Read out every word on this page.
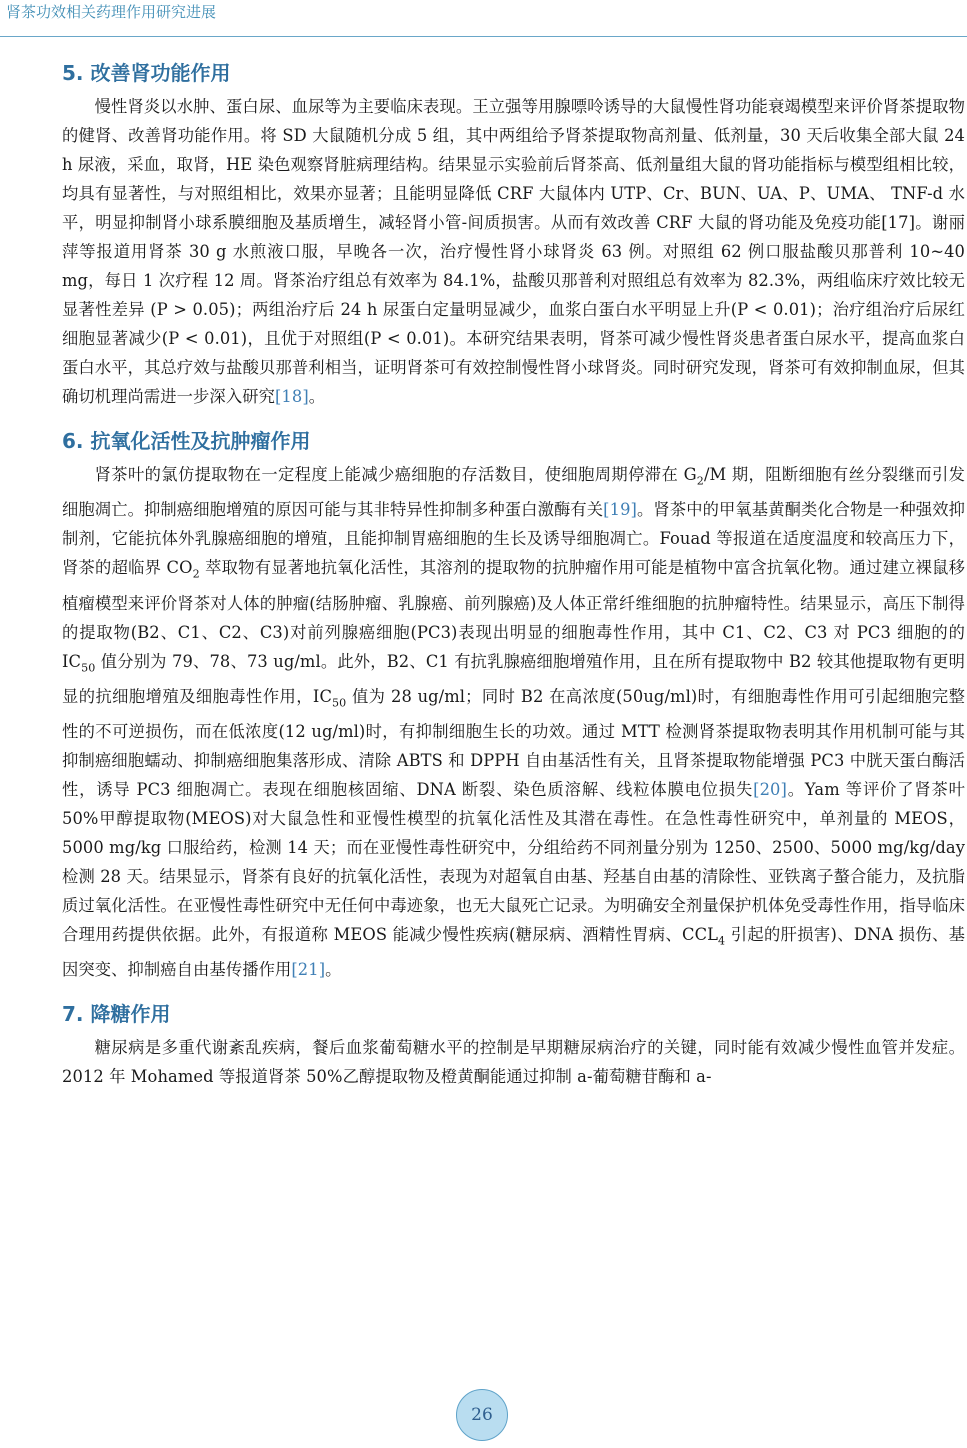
肾茶功效相关药理作用研究进展
5. 改善肾功能作用

慢性肾炎以水肿、蛋白尿、血尿等为主要临床表现。王立强等用腺嘌呤诱导的大鼠慢性肾功能衰竭模型来评价肾茶提取物的健肾、改善肾功能作用。将 SD 大鼠随机分成 5 组，其中两组给予肾茶提取物高剂量、低剂量，30 天后收集全部大鼠 24 h 尿液，采血，取肾，HE 染色观察肾脏病理结构。结果显示实验前后肾茶高、低剂量组大鼠的肾功能指标与模型组相比较，均具有显著性，与对照组相比，效果亦显著；且能明显降低 CRF 大鼠体内 UTP、Cr、BUN、UA、P、UMA、 TNF-d 水平，明显抑制肾小球系膜细胞及基质增生，减轻肾小管-间质损害。从而有效改善 CRF 大鼠的肾功能及免疫功能[17]。谢丽萍等报道用肾茶 30 g 水煎液口服，早晚各一次，治疗慢性肾小球肾炎 63 例。对照组 62 例口服盐酸贝那普利 10~40 mg，每日 1 次疗程 12 周。肾茶治疗组总有效率为 84.1%，盐酸贝那普利对照组总有效率为 82.3%，两组临床疗效比较无显著性差异 (P > 0.05)；两组治疗后 24 h 尿蛋白定量明显减少，血浆白蛋白水平明显上升(P < 0.01)；治疗组治疗后尿红细胞显著减少(P < 0.01)，且优于对照组(P < 0.01)。本研究结果表明，肾茶可减少慢性肾炎患者蛋白尿水平，提高血浆白蛋白水平，其总疗效与盐酸贝那普利相当，证明肾茶可有效控制慢性肾小球肾炎。同时研究发现，肾茶可有效抑制血尿，但其确切机理尚需进一步深入研究[18]。

6. 抗氧化活性及抗肿瘤作用

肾茶叶的氯仿提取物在一定程度上能减少癌细胞的存活数目，使细胞周期停滞在 $G_2/M$ 期，阻断细胞有丝分裂继而引发细胞凋亡。抑制癌细胞增殖的原因可能与其非特异性抑制多种蛋白激酶有关[19]。肾茶中的甲氧基黄酮类化合物是一种强效抑制剂，它能抗体外乳腺癌细胞的增殖，且能抑制胃癌细胞的生长及诱导细胞凋亡。Fouad 等报道在适度温度和较高压力下，肾茶的超临界 $CO_2$ 萃取物有显著地抗氧化活性，其溶剂的提取物的抗肿瘤作用可能是植物中富含抗氧化物。通过建立裸鼠移植瘤模型来评价肾茶对人体的肿瘤(结肠肿瘤、乳腺癌、前列腺癌)及人体正常纤维细胞的抗肿瘤特性。结果显示，高压下制得的提取物(B2、C1、C2、C3)对前列腺癌细胞(PC3)表现出明显的细胞毒性作用，其中 C1、C2、C3 对 PC3 细胞的的 $IC_{50}$ 值分别为 79、78、73 ug/ml。此外，B2、C1 有抗乳腺癌细胞增殖作用，且在所有提取物中 B2 较其他提取物有更明显的抗细胞增殖及细胞毒性作用，$IC_{50}$ 值为 28 ug/ml；同时 B2 在高浓度(50ug/ml)时，有细胞毒性作用可引起细胞完整性的不可逆损伤，而在低浓度(12 ug/ml)时，有抑制细胞生长的功效。通过 MTT 检测肾茶提取物表明其作用机制可能与其抑制癌细胞蠕动、抑制癌细胞集落形成、清除 ABTS 和 DPPH 自由基活性有关，且肾茶提取物能增强 PC3 中胱天蛋白酶活性，诱导 PC3 细胞凋亡。表现在细胞核固缩、DNA 断裂、染色质溶解、线粒体膜电位损失[20]。Yam 等评价了肾茶叶 50%甲醇提取物(MEOS)对大鼠急性和亚慢性模型的抗氧化活性及其潜在毒性。在急性毒性研究中，单剂量的 MEOS，5000 mg/kg 口服给药，检测 14 天；而在亚慢性毒性研究中，分组给药不同剂量分别为 1250、2500、5000 mg/kg/day 检测 28 天。结果显示，肾茶有良好的抗氧化活性，表现为对超氧自由基、羟基自由基的清除性、亚铁离子螯合能力，及抗脂质过氧化活性。在亚慢性毒性研究中无任何中毒迹象，也无大鼠死亡记录。为明确安全剂量保护机体免受毒性作用，指导临床合理用药提供依据。此外，有报道称 MEOS 能减少慢性疾病(糖尿病、酒精性胃病、$CCL_4$ 引起的肝损害)、DNA 损伤、基因突变、抑制癌自由基传播作用[21]。

7. 降糖作用

糖尿病是多重代谢紊乱疾病，餐后血浆葡萄糖水平的控制是早期糖尿病治疗的关键，同时能有效减少慢性血管并发症。2012 年 Mohamed 等报道肾茶 50%乙醇提取物及橙黄酮能通过抑制 a-葡萄糖苷酶和 a-

26
